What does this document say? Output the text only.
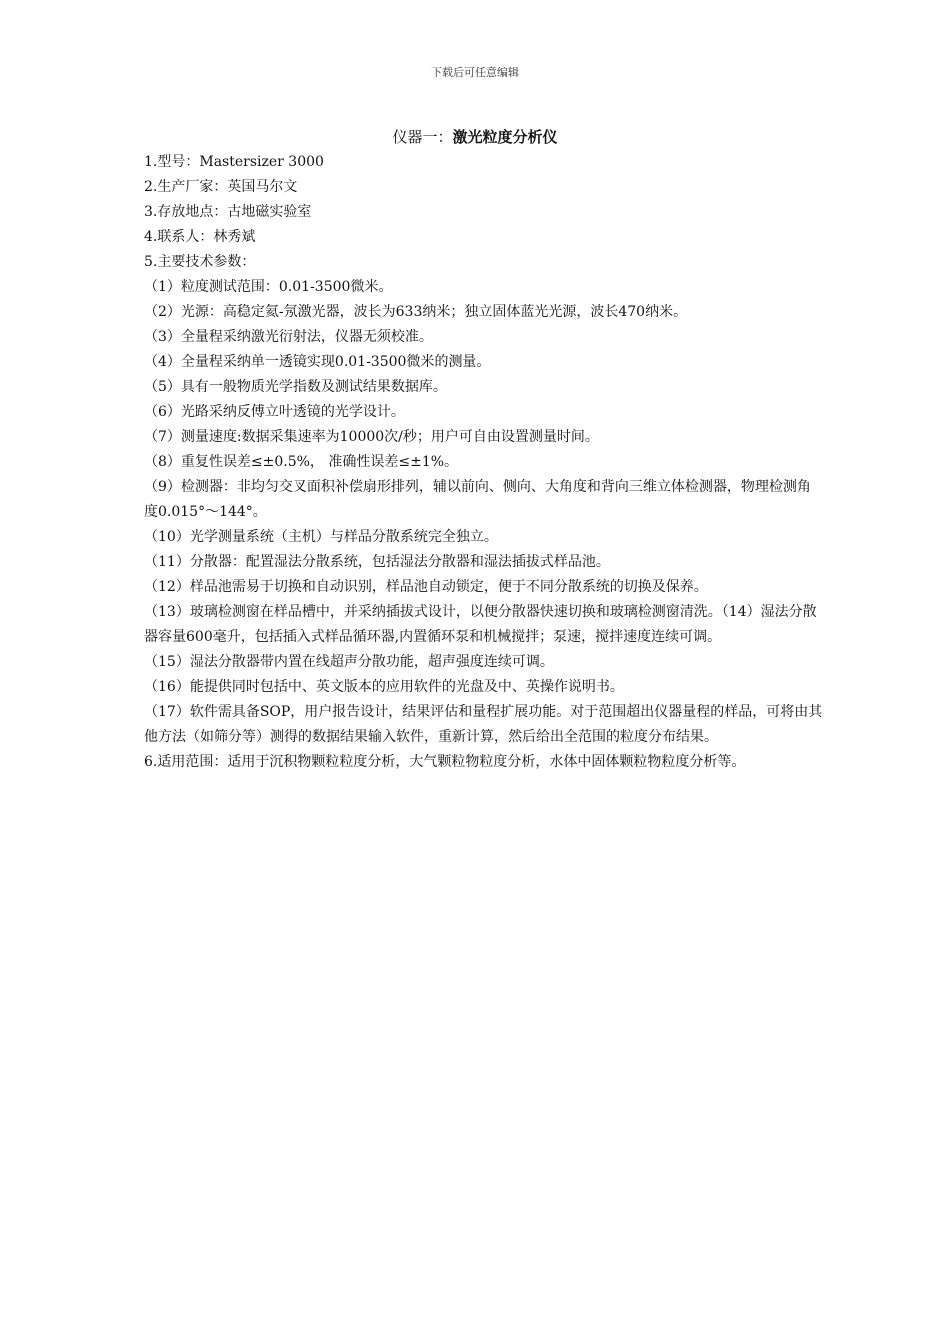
下载后可任意编辑
仪器一：激光粒度分析仪

1.型号：Mastersizer 3000

2.生产厂家：英国马尔文

3.存放地点：古地磁实验室

4.联系人：林秀斌

5.主要技术参数：

（1）粒度测试范围：0.01-3500微米。

（2）光源：高稳定氦-氖激光器，波长为633纳米；独立固体蓝光光源，波长470纳米。

（3）全量程采纳激光衍射法，仪器无须校准。

（4）全量程采纳单一透镜实现0.01-3500微米的测量。

（5）具有一般物质光学指数及测试结果数据库。

（6）光路采纳反傅立叶透镜的光学设计。

（7）测量速度:数据采集速率为10000次/秒；用户可自由设置测量时间。

（8）重复性误差≤±0.5%， 准确性误差≤±1%。

（9）检测器：非均匀交叉面积补偿扇形排列，辅以前向、侧向、大角度和背向三维立体检测器，物理检测角度0.015°～144°。

（10）光学测量系统（主机）与样品分散系统完全独立。

（11）分散器：配置湿法分散系统，包括湿法分散器和湿法插拔式样品池。

（12）样品池需易于切换和自动识别，样品池自动锁定，便于不同分散系统的切换及保养。

（13）玻璃检测窗在样品槽中，并采纳插拔式设计，以便分散器快速切换和玻璃检测窗清洗。（14）湿法分散器容量600毫升，包括插入式样品循环器,内置循环泵和机械搅拌；泵速，搅拌速度连续可调。

（15）湿法分散器带内置在线超声分散功能，超声强度连续可调。

（16）能提供同时包括中、英文版本的应用软件的光盘及中、英操作说明书。

（17）软件需具备SOP，用户报告设计，结果评估和量程扩展功能。对于范围超出仪器量程的样品，可将由其他方法（如筛分等）测得的数据结果输入软件，重新计算，然后给出全范围的粒度分布结果。

6.适用范围：适用于沉积物颗粒粒度分析，大气颗粒物粒度分析，水体中固体颗粒物粒度分析等。
